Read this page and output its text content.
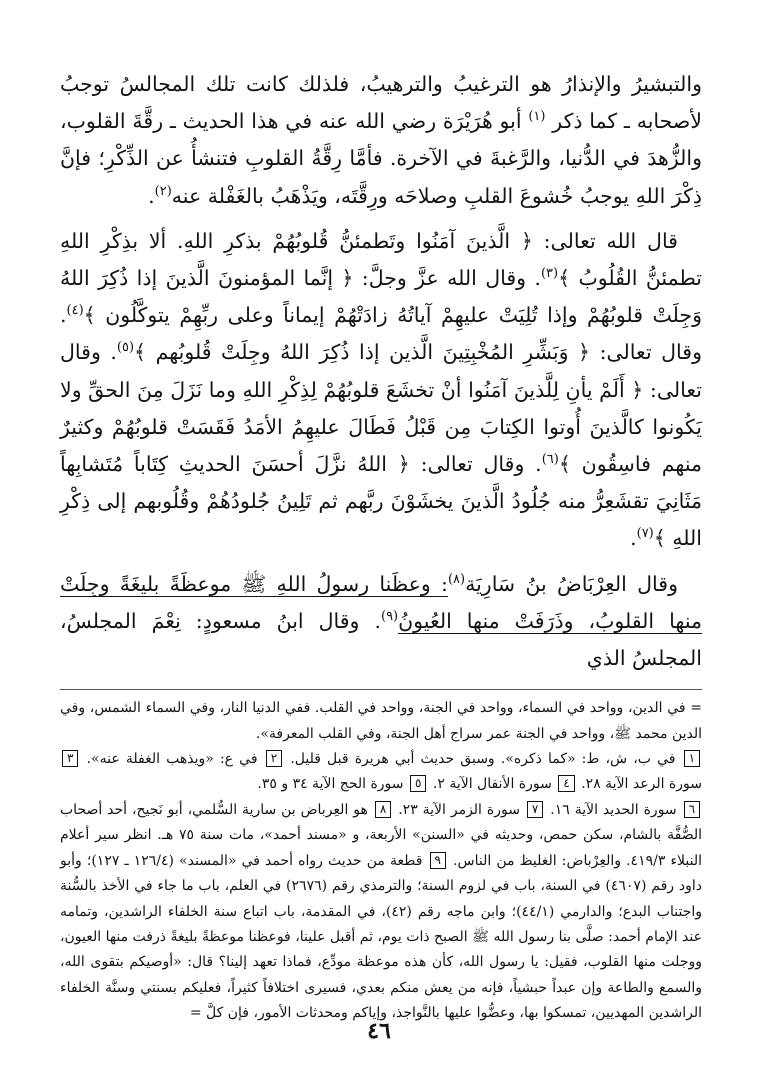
والتبشيرُ والإنذارُ هو الترغيبُ والترهيبُ، فلذلك كانت تلك المجالسُ توجبُ لأصحابه ـ كما ذكر $^{(١)}$ أبو هُرَيْرَة رضي الله عنه في هذا الحديث ـ رقَّةَ القلوب، والزُّهدَ في الدُّنيا، والرَّغبةَ في الآخرة. فأمَّا رِقَّةُ القلوبِ فتنشأُ عن الذِّكْرِ؛ فإنَّ ذِكْرَ اللهِ يوجبُ خُشوعَ القلبِ وصلاحَه ورِقَّتَه، ويَذْهَبُ بالغَفْلة عنه$^{(٢)}$.

قال الله تعالى: ﴿ الَّذينَ آمَنُوا وتَطمئنُّ قُلوبُهُمْ بذكرِ اللهِ. ألا بذِكْرِ اللهِ تطمئنُّ القُلُوبُ ﴾$^{(٣)}$. وقال الله عزَّ وجلَّ: ﴿ إنَّما المؤمنونَ الَّذينَ إذا ذُكِرَ اللهُ وَجِلَتْ قلوبُهُمْ وإذا تُلِيَتْ عليهِمْ آياتُهُ زادَتْهُمْ إيماناً وعلى ربِّهِمْ يتوكَّلُون ﴾$^{(٤)}$. وقال تعالى: ﴿ وَبَشِّرِ المُخْبِتِينَ الَّذين إذا ذُكِرَ اللهُ وجِلَتْ قُلوبُهم ﴾$^{(٥)}$. وقال تعالى: ﴿ أَلَمْ يأنِ لِلَّذينَ آمَنُوا أنْ تخشَعَ قلوبُهُمْ لِذِكْرِ اللهِ وما نَزَلَ مِنَ الحقِّ ولا يَكُونوا كالَّذينَ أُوتوا الكِتابَ مِن قَبْلُ فَطَالَ عليهِمُ الأمَدُ فَقَسَتْ قلوبُهُمْ وكثيرٌ منهم فاسِقُون ﴾$^{(٦)}$. وقال تعالى: ﴿ اللهُ نزَّلَ أحسَنَ الحديثِ كِتَاباً مُتَشابِهاً مَثَانِيَ تقشَعِرُّ منه جُلُودُ الَّذينَ يخشَوْنَ ربَّهم ثم تَلِينُ جُلودُهُمْ وقُلُوبهم إلى ذِكْرِ اللهِ ﴾$^{(٧)}$.

وقال العِرْبَاضُ بنُ سَارِيَة$^{(٨)}$: وعظَنا رسولُ اللهِ ﷺ موعظَةً بليغَةً وجِلَتْ منها القلوبُ، وذَرَفَتْ منها العُيونُ$^{(٩)}$. وقال ابنُ مسعودٍ: نِعْمَ المجلسُ، المجلسُ الذي

= في الدين، وواحد في السماء، وواحد في الجنة، وواحد في القلب. ففي الدنيا النار، وفي السماء الشمس، وفي الدين محمد ﷺ، وواحد في الجنة عمر سراج أهل الجنة، وفي القلب المعرفة».

١ في ب، ش، ط: «كما ذكره». وسبق حديث أبي هريرة قبل قليل. ٢ في ع: «ويذهب الغفلة عنه». ٣ سورة الرعد الآية ٢٨. ٤ سورة الأنفال الآية ٢. ٥ سورة الحج الآية ٣٤ و ٣٥.

٦ سورة الحديد الآية ١٦. ٧ سورة الزمر الآية ٢٣. ٨ هو العِرباض بن سارية السُّلمي، أبو نَجيح، أحد أصحاب الصُّفَّة بالشام، سكن حمص، وحديثه في «السنن» الأربعة، و «مسند أحمد»، مات سنة ٧٥ هـ. انظر سير أعلام النبلاء ٤١٩/٣. والعِرْباض: الغليظ من الناس. ٩ قطعة من حديث رواه أحمد في «المسند» (١٢٦/٤ ـ ١٢٧)؛ وأبو داود رقم (٤٦٠٧) في السنة، باب في لزوم السنة؛ والترمذي رقم (٢٦٧٦) في العلم، باب ما جاء في الأخذ بالسُّنة واجتناب البدع؛ والدارمي (٤٤/١)؛ وابن ماجه رقم (٤٢)، في المقدمة، باب اتباع سنة الخلفاء الراشدين، وتمامه عند الإمام أحمد: صلَّى بنا رسول الله ﷺ الصبح ذات يوم، ثم أقبل علينا، فوعظنا موعظةً بليغةً ذرفت منها العيون، ووجلت منها القلوب، فقيل: يا رسول الله، كأن هذه موعظة مودِّع، فماذا تعهد إلينا؟ قال: «أوصيكم بتقوى الله، والسمع والطاعة وإن عبداً حبشياً، فإنه من يعش منكم بعدي، فسيرى اختلافاً كثيراً، فعليكم بسنتي وسنَّة الخلفاء الراشدين المهديين، تمسكوا بها، وعضُّوا عليها بالنَّواجذ، وإياكم ومحدثات الأمور، فإن كلَّ =

٤٦
